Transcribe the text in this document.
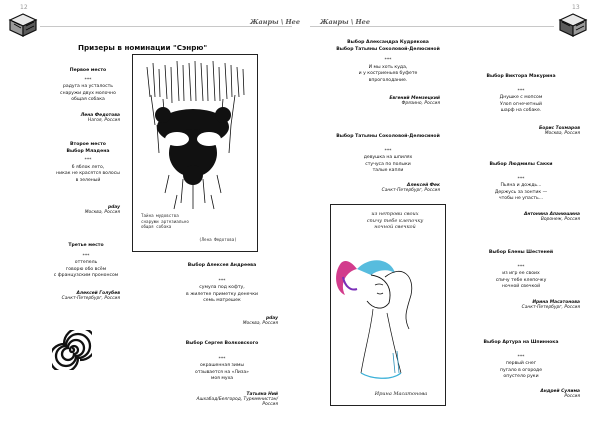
12
Жанры \ Нее
Призеры в номинации "Сэнрю"
Первое место
***
радуга на усталость
снаружи двух молочно
общая собака
Лена Федотова
Нагоя, Россия
Второе место
Выбор Младена
***
6 яблок лето,
никак не красятся волосы
в зеленый
рday
Москва, Россия
Третье место
***
оттепель
говорю обо всём
с французским прононсом
Алексей Голубев
Санкт-Петербург, Россия
Тайна мудовства
снаружи артезиально
общая собака
(Лена Федотова)
Выбор Алексея Андреева
***
сумула под кофту,
в жилетке приметку денечки
семь матрешек
рday
Москва, Россия
Выбор Сергея Волковского
***
окрашенная зимы
отзывается на «Лиза»
моя муха
Татьяна Ний
Ашхабад/Белгород, Туркменистан/Россия
Жанры \ Нее
13
Выбор Александра Кудрякова
Выбор Татьяны Соколовой-Делюсиной
***
И мы хоть куда,
и у костриеньев буфете
впроголодание.
Евгений Мемзецкий
Фрязино, Россия
Выбор Татьяны Соколовой-Делюсиной
***
девушка на шпилях
стучуса по полыки
талые капли
Алексей Фек
Санкт-Петербург, Россия
из нетрови своих
спичу тебе клепочку
ночной свечкой
Ирина Масатонова
Выбор Виктора Макурина
***
Днушке с мопсом
Улоп огнечетный
шарф на собаке.
Борис Тохмаров
Москва, Россия
Выбор Людмилы Сакки
***
Пьяна и дождь...
Держусь за зонтик —
чтобы не упасть...
Антонина Апанюшина
Воронеж, Россия
Выбор Елены Шестеней
***
из игр ее своих
спичу тебе клепочку
ночной свечкой
Ирина Масатонова
Санкт-Петербург, Россия
Выбор Артура на Шпиннока
***
первый снег
пугало в огороде
опустело руки
Андрей Сулима
Россия
